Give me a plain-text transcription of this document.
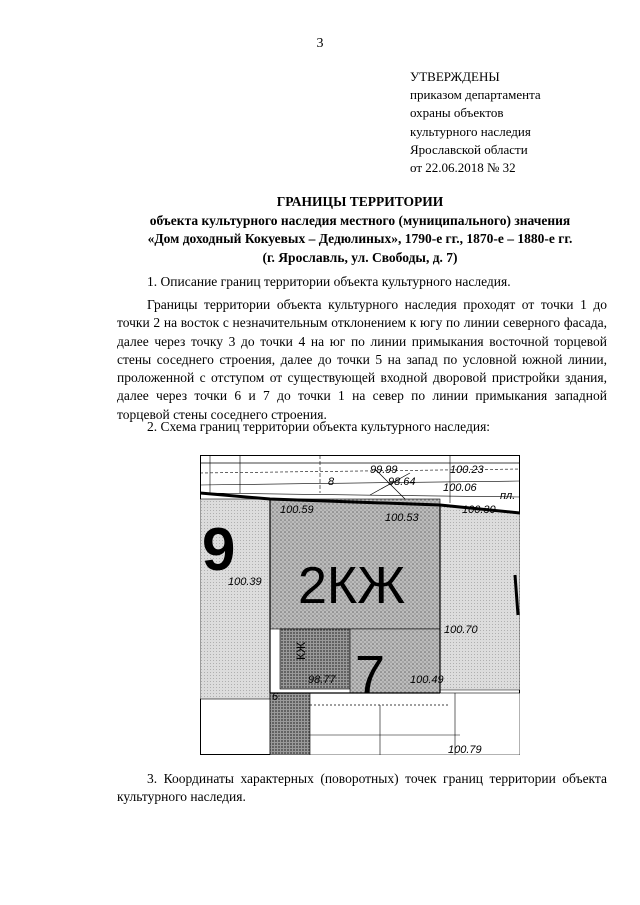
3
УТВЕРЖДЕНЫ
приказом департамента
охраны объектов
культурного наследия
Ярославской области
от 22.06.2018 № 32
ГРАНИЦЫ ТЕРРИТОРИИ
объекта культурного наследия местного (муниципального) значения
«Дом доходный Кокуевых – Дедюлиных», 1790-е гг., 1870-е – 1880-е гг.
(г. Ярославль, ул. Свободы, д. 7)

1. Описание границ территории объекта культурного наследия.

Границы территории объекта культурного наследия проходят от точки 1 до точки 2 на восток с незначительным отклонением к югу по линии северного фасада, далее через точку 3 до точки 4 на юг по линии примыкания восточной торцевой стены соседнего строения, далее до точки 5 на запад по условной южной линии, проложенной с отступом от существующей входной дворовой пристройки здания, далее через точки 6 и 7 до точки 1 на север по линии примыкания западной торцевой стены соседнего строения.

2. Схема границ территории объекта культурного наследия:

9
2КЖ
7
КЖ
99.99
98.64
100.23
100.06
100.30
пл.
100.59
100.53
100.39
100.70
100.49
98.77
100.79
8
6

3. Координаты характерных (поворотных) точек границ территории объекта культурного наследия.
